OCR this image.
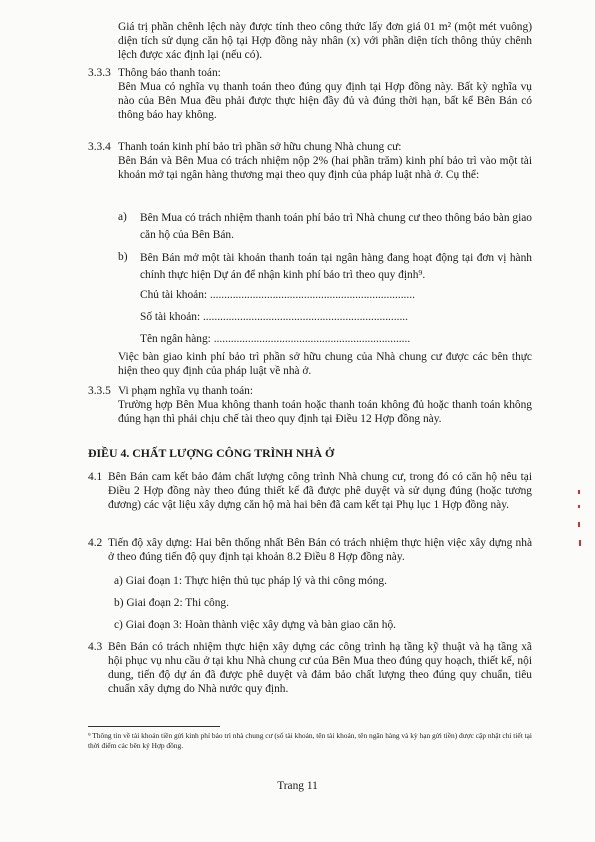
Giá trị phần chênh lệch này được tính theo công thức lấy đơn giá 01 m² (một mét vuông) diện tích sử dụng căn hộ tại Hợp đồng này nhân (x) với phần diện tích thông thủy chênh lệch được xác định lại (nếu có).
3.3.3 Thông báo thanh toán:
Bên Mua có nghĩa vụ thanh toán theo đúng quy định tại Hợp đồng này. Bất kỳ nghĩa vụ nào của Bên Mua đều phải được thực hiện đầy đủ và đúng thời hạn, bất kể Bên Bán có thông báo hay không.
3.3.4 Thanh toán kinh phí bảo trì phần sở hữu chung Nhà chung cư:
Bên Bán và Bên Mua có trách nhiệm nộp 2% (hai phần trăm) kinh phí bảo trì vào một tài khoản mở tại ngân hàng thương mại theo quy định của pháp luật nhà ở. Cụ thể:
a) Bên Mua có trách nhiệm thanh toán phí bảo trì Nhà chung cư theo thông báo bàn giao căn hộ của Bên Bán.
b) Bên Bán mở một tài khoản thanh toán tại ngân hàng đang hoạt động tại đơn vị hành chính thực hiện Dự án để nhận kinh phí bảo trì theo quy định⁹.
Chủ tài khoản: ........................................................................
Số tài khoản: ........................................................................
Tên ngân hàng: .....................................................................
Việc bàn giao kinh phí bảo trì phần sở hữu chung của Nhà chung cư được các bên thực hiện theo quy định của pháp luật về nhà ở.
3.3.5 Vi phạm nghĩa vụ thanh toán:
Trường hợp Bên Mua không thanh toán hoặc thanh toán không đủ hoặc thanh toán không đúng hạn thì phải chịu chế tài theo quy định tại Điều 12 Hợp đồng này.
ĐIỀU 4. CHẤT LƯỢNG CÔNG TRÌNH NHÀ Ở
4.1 Bên Bán cam kết bảo đảm chất lượng công trình Nhà chung cư, trong đó có căn hộ nêu tại Điều 2 Hợp đồng này theo đúng thiết kế đã được phê duyệt và sử dụng đúng (hoặc tương đương) các vật liệu xây dựng căn hộ mà hai bên đã cam kết tại Phụ lục 1 Hợp đồng này.
4.2 Tiến độ xây dựng: Hai bên thống nhất Bên Bán có trách nhiệm thực hiện việc xây dựng nhà ở theo đúng tiến độ quy định tại khoản 8.2 Điều 8 Hợp đồng này.
a) Giai đoạn 1: Thực hiện thủ tục pháp lý và thi công móng.
b) Giai đoạn 2: Thi công.
c) Giai đoạn 3: Hoàn thành việc xây dựng và bàn giao căn hộ.
4.3 Bên Bán có trách nhiệm thực hiện xây dựng các công trình hạ tầng kỹ thuật và hạ tầng xã hội phục vụ nhu cầu ở tại khu Nhà chung cư của Bên Mua theo đúng quy hoạch, thiết kế, nội dung, tiến độ dự án đã được phê duyệt và đảm bảo chất lượng theo đúng quy chuẩn, tiêu chuẩn xây dựng do Nhà nước quy định.
⁹ Thông tin về tài khoản tiền gửi kinh phí bảo trì nhà chung cư (số tài khoản, tên tài khoản, tên ngân hàng và kỳ hạn gửi tiền) được cập nhật chi tiết tại thời điểm các bên ký Hợp đồng.
Trang 11
